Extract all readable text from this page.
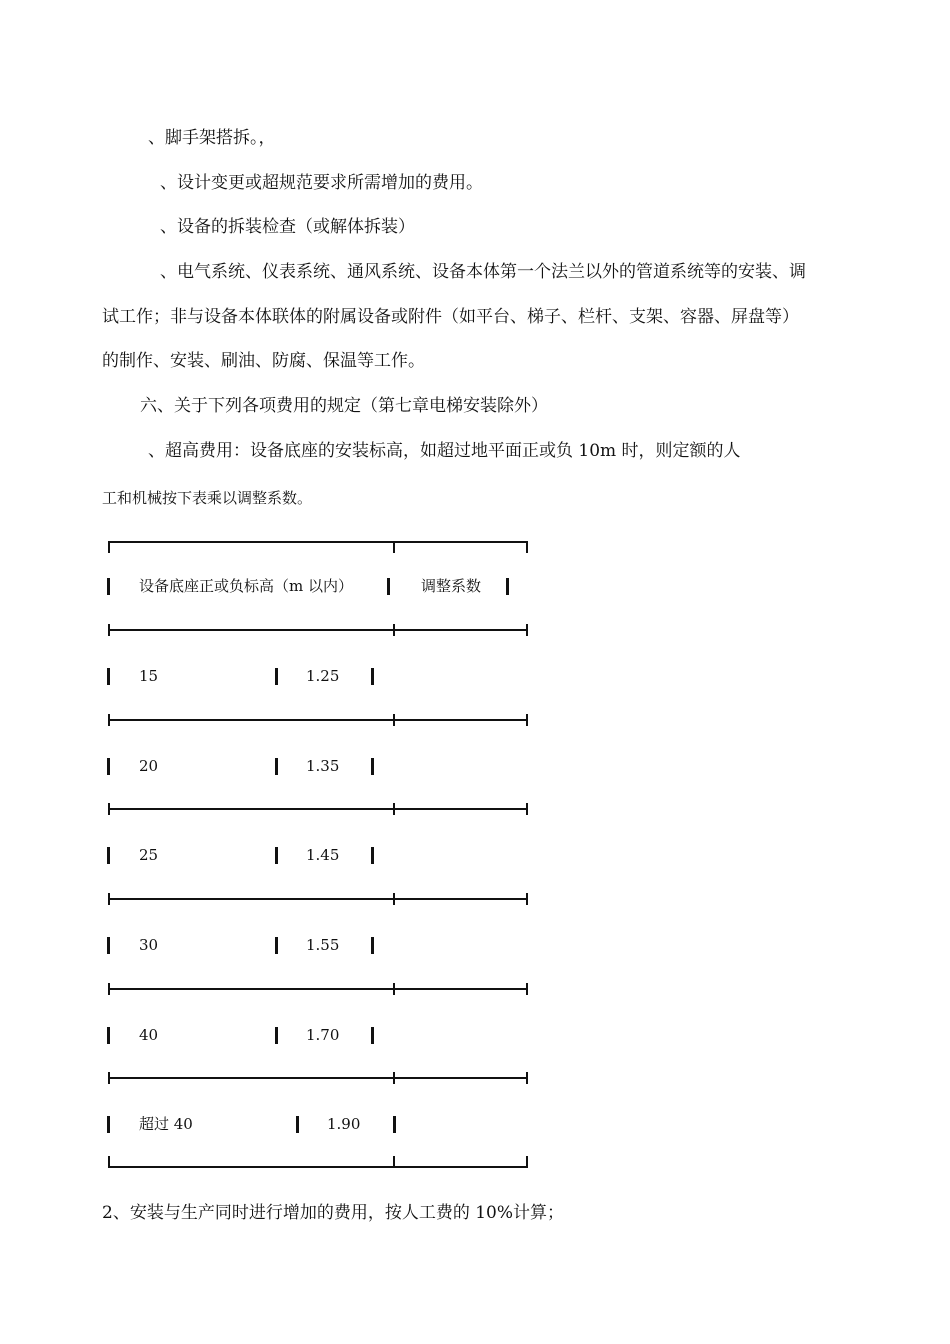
、脚手架搭拆。，
、设计变更或超规范要求所需增加的费用。
、设备的拆装检查（或解体拆装）
、电气系统、仪表系统、通风系统、设备本体第一个法兰以外的管道系统等的安装、调
试工作；非与设备本体联体的附属设备或附件（如平台、梯子、栏杆、支架、容器、屏盘等）
的制作、安装、刷油、防腐、保温等工作。
六、关于下列各项费用的规定（第七章电梯安装除外）
、超高费用：设备底座的安装标高，如超过地平面正或负 10m 时，则定额的人
工和机械按下表乘以调整系数。
设备底座正或负标高（m 以内）	调整系数
15	1.25
20	1.35
25	1.45
30	1.55
40	1.70
超过 40	1.90
2、安装与生产同时进行增加的费用，按人工费的 10%计算；
